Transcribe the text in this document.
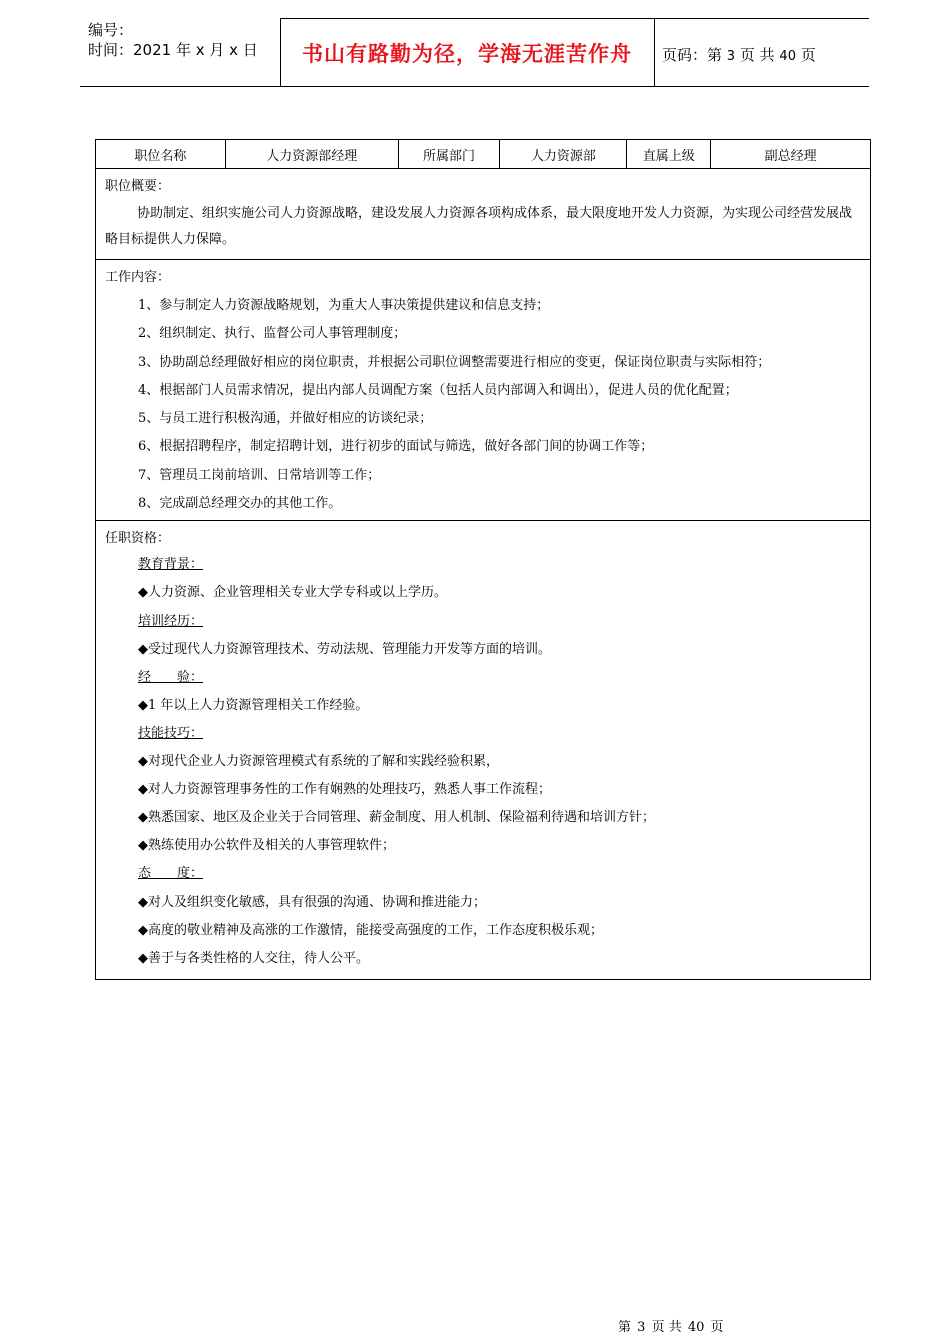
编号：
时间：2021 年 x 月 x 日	书山有路勤为径，学海无涯苦作舟	页码：第 3 页 共 40 页
职位名称	人力资源部经理	所属部门	人力资源部	直属上级	副总经理

职位概要：
协助制定、组织实施公司人力资源战略，建设发展人力资源各项构成体系，最大限度地开发人力资源，为实现公司经营发展战略目标提供人力保障。

工作内容：
1、参与制定人力资源战略规划，为重大人事决策提供建议和信息支持；
2、组织制定、执行、监督公司人事管理制度；
3、协助副总经理做好相应的岗位职责，并根据公司职位调整需要进行相应的变更，保证岗位职责与实际相符；
4、根据部门人员需求情况，提出内部人员调配方案（包括人员内部调入和调出），促进人员的优化配置；
5、与员工进行积极沟通，并做好相应的访谈纪录；
6、根据招聘程序，制定招聘计划，进行初步的面试与筛选，做好各部门间的协调工作等；
7、管理员工岗前培训、日常培训等工作；
8、完成副总经理交办的其他工作。

任职资格：
教育背景：
◆人力资源、企业管理相关专业大学专科或以上学历。
培训经历：
◆受过现代人力资源管理技术、劳动法规、管理能力开发等方面的培训。
经　　验：
◆1 年以上人力资源管理相关工作经验。
技能技巧：
◆对现代企业人力资源管理模式有系统的了解和实践经验积累，
◆对人力资源管理事务性的工作有娴熟的处理技巧，熟悉人事工作流程；
◆熟悉国家、地区及企业关于合同管理、薪金制度、用人机制、保险福利待遇和培训方针；
◆熟练使用办公软件及相关的人事管理软件；
态　　度：
◆对人及组织变化敏感，具有很强的沟通、协调和推进能力；
◆高度的敬业精神及高涨的工作激情，能接受高强度的工作，工作态度积极乐观；
◆善于与各类性格的人交往，待人公平。
第 3 页 共 40 页
